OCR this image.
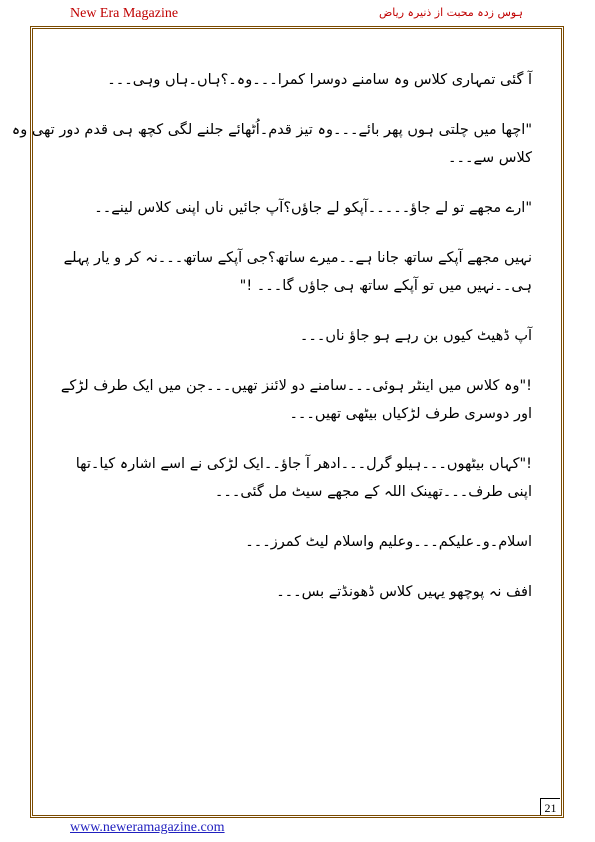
New Era Magazine	ہوس زدہ محبت از ذنیرہ ریاض

آ گئی تمہاری کلاس وہ سامنے دوسرا کمرا۔۔۔وہ۔؟ہاں۔ہاں وہی۔۔۔

"اچھا میں چلتی ہوں پھر بائے۔۔۔وہ تیز قدم۔اُٹھائے جلنے لگی کچھ ہی قدم دور تھی وہ

کلاس سے۔۔۔

"ارے مجھے تو لے جاؤ۔۔۔۔۔آپکو لے جاؤں؟آپ جائیں ناں اپنی کلاس لینے۔۔

نہیں مجھے آپکے ساتھ جانا ہے۔۔میرے ساتھ؟جی آپکے ساتھ۔۔۔نہ کر و یار پہلے

ہی۔۔نہیں میں تو آپکے ساتھ ہی جاؤں گا۔۔۔ !"

آپ ڈھیٹ کیوں بن رہے ہو جاؤ ناں۔۔۔

!"وہ کلاس میں اینٹر ہوئی۔۔۔سامنے دو لائنز تھیں۔۔۔جن میں ایک طرف لڑکے

اور دوسری طرف لڑکیاں بیٹھی تھیں۔۔۔

!"کہاں بیٹھوں۔۔۔ہیلو گرل۔۔۔ادھر آ جاؤ۔۔ایک لڑکی نے اسے اشارہ کیا۔تھا

اپنی طرف۔۔۔تھینک اللہ کے مجھے سیٹ مل گئی۔۔۔

اسلام۔و۔علیکم۔۔۔وعلیم واسلام لیٹ کمرز۔۔۔

افف نہ پوچھو یہیں کلاس ڈھونڈتے بس۔۔۔

21
www.neweramagazine.com
